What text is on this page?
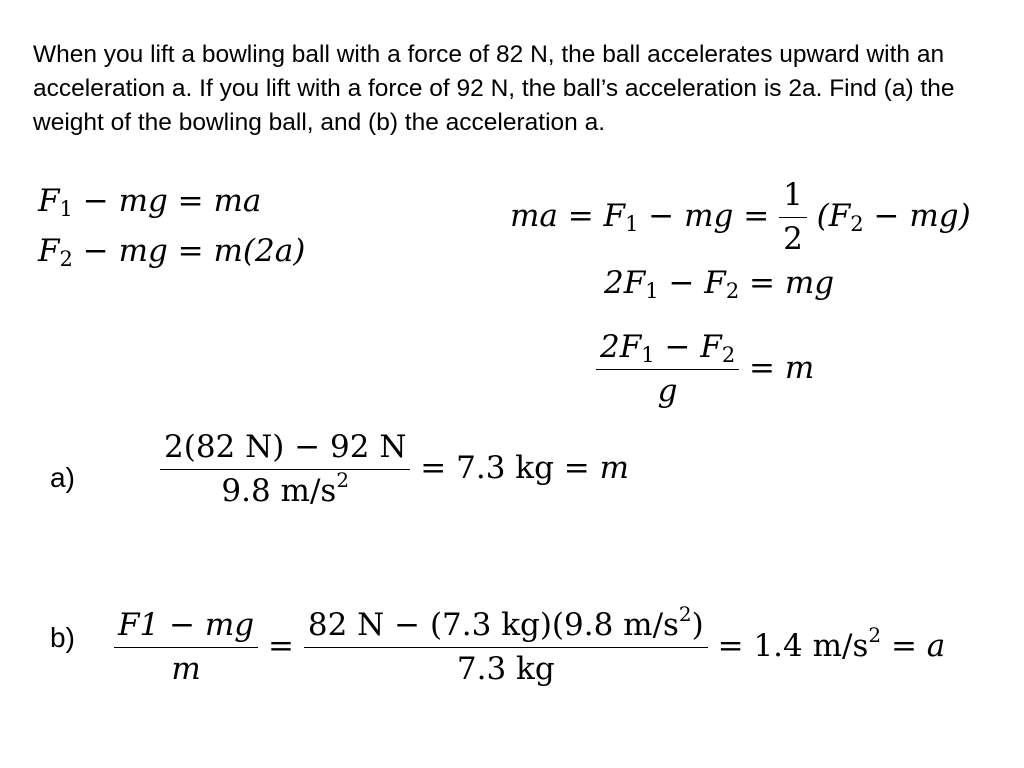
When you lift a bowling ball with a force of 82 N, the ball accelerates upward with an acceleration a. If you lift with a force of 92 N, the ball’s acceleration is 2a. Find (a) the weight of the bowling ball, and (b) the acceleration a.

$F_1$ − mg = ma
$F_2$ − mg = m(2a)
ma = $F_1$ − mg = $\frac{1}{2} (F_2 - mg)$
$2F_1 - F_2$ = mg
$\frac{2F_1 - F_2}{g} = m$
a)	$\frac{2(82 N) - 92 N}{9.8 m/s^2} = 7.3$ kg = m
$b) \frac{F1 - mg}{m} = \frac{82 N - (7.3 kg)(9.8 m/s^2)}{7.3 kg} = 1.4$ $m/s^2 = a$
